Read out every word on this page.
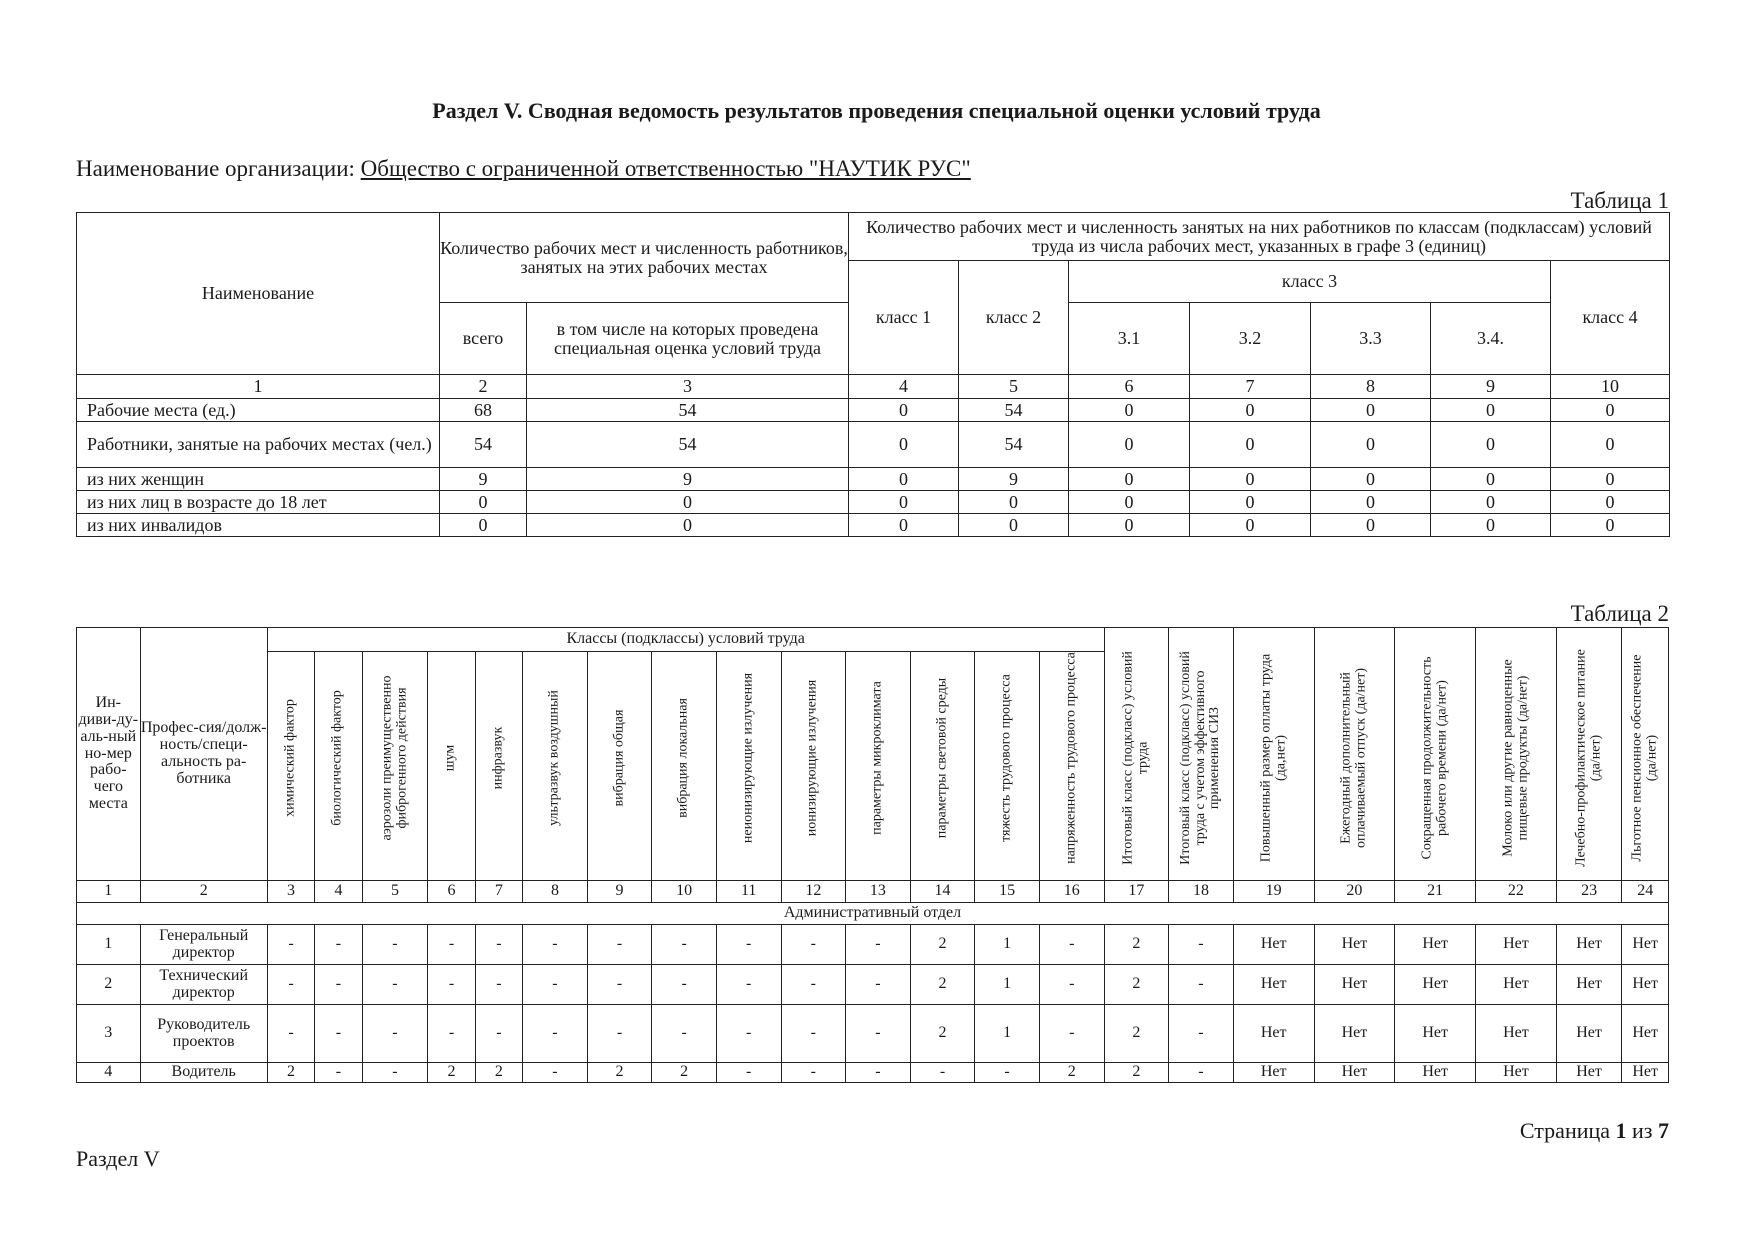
Раздел V. Сводная ведомость результатов проведения специальной оценки условий труда
Наименование организации: Общество с ограниченной ответственностью "НАУТИК РУС"
Таблица 1
Наименование	Количество рабочих мест и численность работников, занятых на этих рабочих местах		Количество рабочих мест и численность занятых на них работников по классам (подклассам) условий труда из числа рабочих мест, указанных в графе 3 (единиц)						
			класс 1	класс 2	класс 3				класс 4
	всего	в том числе на которых проведена специальная оценка условий труда			3.1	3.2	3.3	3.4.	
1	2	3	4	5	6	7	8	9	10
Рабочие места (ед.)	68	54	0	54	0	0	0	0	0
Работники, занятые на рабочих местах (чел.)	54	54	0	54	0	0	0	0	0
из них женщин	9	9	0	9	0	0	0	0	0
из них лиц в возрасте до 18 лет	0	0	0	0	0	0	0	0	0
из них инвалидов	0	0	0	0	0	0	0	0	0
Таблица 2
Ин-диви-ду-аль-ный но-мер рабо-чего места	Профес-сия/долж-ность/специ-альность ра-ботника	Классы (подклассы) условий труда														Итоговый класс (подкласс) условий труда	Итоговый класс (подкласс) условий труда с учетом эффективного применения СИЗ	Повышенный размер оплаты труда (да,нет)	Ежегодный дополнительный оплачиваемый отпуск (да/нет)	Сокращенная продолжительность рабочего времени (да/нет)	Молоко или другие равноценные пищевые продукты (да/нет)	Лечебно-профилактическое питание (да/нет)	Льготное пенсионное обеспечение (да/нет)

		химический фактор	биологический фактор	аэрозоли преимущественно фиброгенного действия	шум	инфразвук	ультразвук воздушный	вибрация общая	вибрация локальная	неионизирующие излучения	ионизирующие излучения	параметры микроклимата	параметры световой среды	тяжесть трудового процесса	напряженность трудового процесса								

1	2	3	4	5	6	7	8	9	10	11	12	13	14	15	16	17	18	19	20	21	22	23	24
Административный отдел																							
1	Генеральный директор	-	-	-	-	-	-	-	-	-	-	-	2	1	-	2	-	Нет	Нет	Нет	Нет	Нет	Нет
2	Технический директор	-	-	-	-	-	-	-	-	-	-	-	2	1	-	2	-	Нет	Нет	Нет	Нет	Нет	Нет
3	Руководитель проектов	-	-	-	-	-	-	-	-	-	-	-	2	1	-	2	-	Нет	Нет	Нет	Нет	Нет	Нет
4	Водитель	2	-	-	2	2	-	2	2	-	-	-	-	-	2	2	-	Нет	Нет	Нет	Нет	Нет	Нет
Страница 1 из 7
Раздел V
